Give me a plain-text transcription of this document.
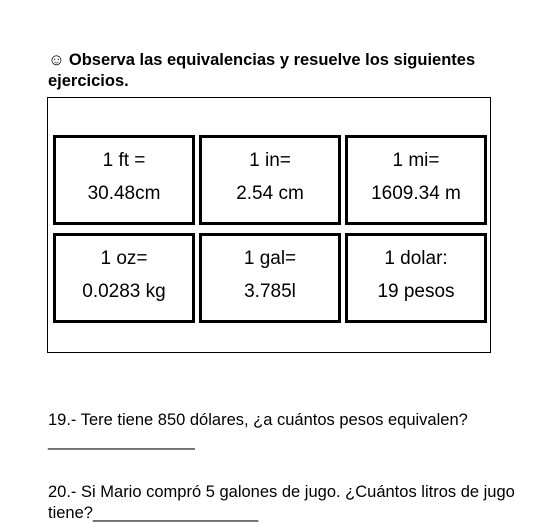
☺ Observa las equivalencias y resuelve los siguientes ejercicios.
1 ft =
30.48cm
1 in=
2.54 cm
1 mi=
1609.34 m
1 oz=
0.0283 kg
1 gal=
3.785l
1 dolar:
19 pesos
19.- Tere tiene 850 dólares, ¿a cuántos pesos equivalen? ________________
20.- Si Mario compró 5 galones de jugo. ¿Cuántos litros de jugo tiene?__________________
